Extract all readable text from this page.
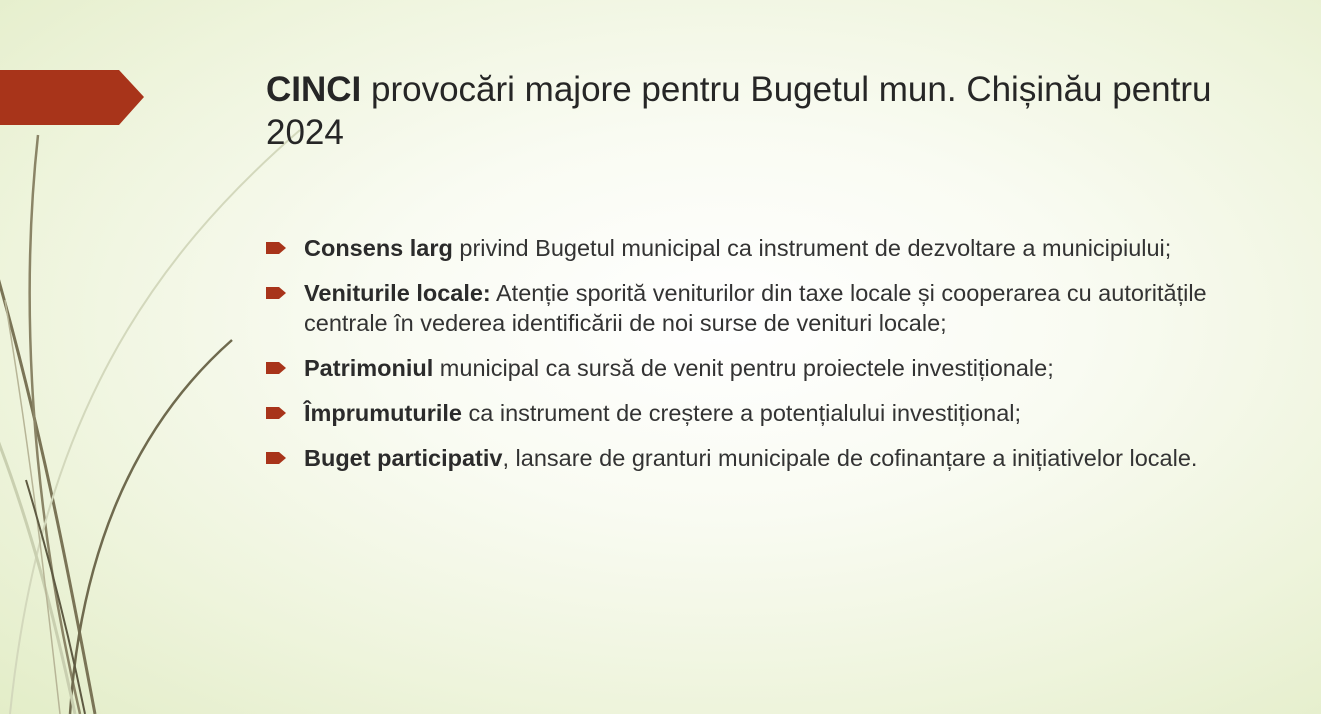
CINCI provocări majore pentru Bugetul mun. Chișinău pentru 2024
Consens larg privind Bugetul municipal ca instrument de dezvoltare a municipiului;
Veniturile locale: Atenție sporită veniturilor din taxe locale și cooperarea cu autoritățile centrale în vederea identificării de noi surse de venituri locale;
Patrimoniul municipal ca sursă de venit pentru proiectele investiționale;
Împrumuturile ca instrument de creștere a potențialului investițional;
Buget participativ, lansare de granturi municipale de cofinanțare a inițiativelor locale.
